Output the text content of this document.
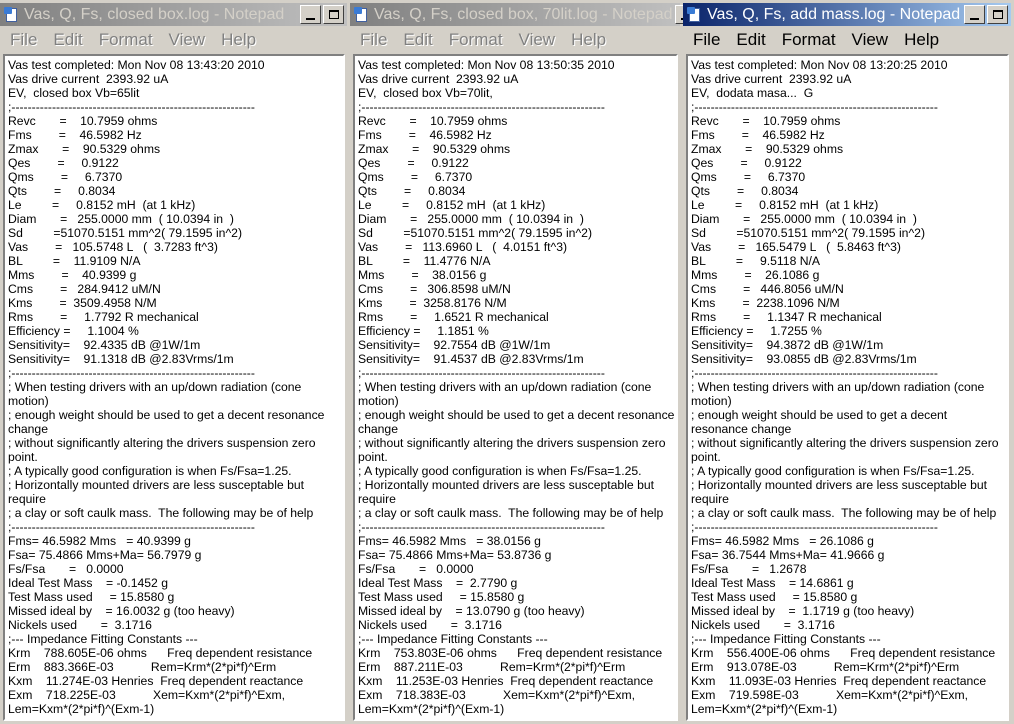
Vas, Q, Fs, closed box.log - Notepad
File Edit Format View Help
Vas test completed: Mon Nov 08 13:43:20 2010
Vas drive current  2393.92 uA
EV,  closed box Vb=65lit
;------------------------------------------------------------
Revc       =    10.7959 ohms
Fms        =    46.5982 Hz
Zmax       =    90.5329 ohms
Qes        =     0.9122
Qms        =     6.7370
Qts        =     0.8034
Le         =     0.8152 mH  (at 1 kHz)
Diam       =   255.0000 mm  ( 10.0394 in  )
Sd         =51070.5151 mm^2( 79.1595 in^2)
Vas        =   105.5748 L   (  3.7283 ft^3)
BL         =    11.9109 N/A
Mms        =    40.9399 g
Cms        =   284.9412 uM/N
Kms        =  3509.4958 N/M
Rms        =     1.7792 R mechanical
Efficiency =     1.1004 %
Sensitivity=    92.4335 dB @1W/1m
Sensitivity=    91.1318 dB @2.83Vrms/1m
;------------------------------------------------------------
; When testing drivers with an up/down radiation (cone motion)
; enough weight should be used to get a decent resonance change
; without significantly altering the drivers suspension zero point.
; A typically good configuration is when Fs/Fsa=1.25.
; Horizontally mounted drivers are less susceptable but require
; a clay or soft caulk mass.  The following may be of help
;------------------------------------------------------------
Fms= 46.5982 Mms   = 40.9399 g
Fsa= 75.4866 Mms+Ma= 56.7979 g
Fs/Fsa       =   0.0000
Ideal Test Mass    = -0.1452 g
Test Mass used     = 15.8580 g
Missed ideal by    = 16.0032 g (too heavy)
Nickels used       =  3.1716
;--- Impedance Fitting Constants ---
Krm    788.605E-06 ohms      Freq dependent resistance
Erm    883.366E-03           Rem=Krm*(2*pi*f)^Erm
Kxm    11.274E-03 Henries  Freq dependent reactance
Exm    718.225E-03           Xem=Kxm*(2*pi*f)^Exm, Lem=Kxm*(2*pi*f)^(Exm-1)
Vas, Q, Fs, closed box, 70lit.log - Notepad
File Edit Format View Help
Vas test completed: Mon Nov 08 13:50:35 2010
Vas drive current  2393.92 uA
EV,  closed box Vb=70lit,
;------------------------------------------------------------
Revc       =    10.7959 ohms
Fms        =    46.5982 Hz
Zmax       =    90.5329 ohms
Qes        =     0.9122
Qms        =     6.7370
Qts        =     0.8034
Le         =     0.8152 mH  (at 1 kHz)
Diam       =   255.0000 mm  ( 10.0394 in  )
Sd         =51070.5151 mm^2( 79.1595 in^2)
Vas        =   113.6960 L   (  4.0151 ft^3)
BL         =    11.4776 N/A
Mms        =    38.0156 g
Cms        =   306.8598 uM/N
Kms        =  3258.8176 N/M
Rms        =     1.6521 R mechanical
Efficiency =     1.1851 %
Sensitivity=    92.7554 dB @1W/1m
Sensitivity=    91.4537 dB @2.83Vrms/1m
;------------------------------------------------------------
; When testing drivers with an up/down radiation (cone motion)
; enough weight should be used to get a decent resonance change
; without significantly altering the drivers suspension zero point.
; A typically good configuration is when Fs/Fsa=1.25.
; Horizontally mounted drivers are less susceptable but require
; a clay or soft caulk mass.  The following may be of help
;------------------------------------------------------------
Fms= 46.5982 Mms   = 38.0156 g
Fsa= 75.4866 Mms+Ma= 53.8736 g
Fs/Fsa       =   0.0000
Ideal Test Mass    =  2.7790 g
Test Mass used     = 15.8580 g
Missed ideal by    = 13.0790 g (too heavy)
Nickels used       =  3.1716
;--- Impedance Fitting Constants ---
Krm    753.803E-06 ohms      Freq dependent resistance
Erm    887.211E-03           Rem=Krm*(2*pi*f)^Erm
Kxm    11.253E-03 Henries  Freq dependent reactance
Exm    718.383E-03           Xem=Kxm*(2*pi*f)^Exm, Lem=Kxm*(2*pi*f)^(Exm-1)
Vas, Q, Fs, add mass.log - Notepad
File Edit Format View Help
Vas test completed: Mon Nov 08 13:20:25 2010
Vas drive current  2393.92 uA
EV,  dodata masa...  G
;------------------------------------------------------------
Revc       =    10.7959 ohms
Fms        =    46.5982 Hz
Zmax       =    90.5329 ohms
Qes        =     0.9122
Qms        =     6.7370
Qts        =     0.8034
Le         =     0.8152 mH  (at 1 kHz)
Diam       =   255.0000 mm  ( 10.0394 in  )
Sd         =51070.5151 mm^2( 79.1595 in^2)
Vas        =   165.5479 L   (  5.8463 ft^3)
BL         =     9.5118 N/A
Mms        =    26.1086 g
Cms        =   446.8056 uM/N
Kms        =  2238.1096 N/M
Rms        =     1.1347 R mechanical
Efficiency =     1.7255 %
Sensitivity=    94.3872 dB @1W/1m
Sensitivity=    93.0855 dB @2.83Vrms/1m
;------------------------------------------------------------
; When testing drivers with an up/down radiation (cone motion)
; enough weight should be used to get a decent resonance change
; without significantly altering the drivers suspension zero point.
; A typically good configuration is when Fs/Fsa=1.25.
; Horizontally mounted drivers are less susceptable but require
; a clay or soft caulk mass.  The following may be of help
;------------------------------------------------------------
Fms= 46.5982 Mms   = 26.1086 g
Fsa= 36.7544 Mms+Ma= 41.9666 g
Fs/Fsa       =   1.2678
Ideal Test Mass    = 14.6861 g
Test Mass used     = 15.8580 g
Missed ideal by    =  1.1719 g (too heavy)
Nickels used       =  3.1716
;--- Impedance Fitting Constants ---
Krm    556.400E-06 ohms      Freq dependent resistance
Erm    913.078E-03           Rem=Krm*(2*pi*f)^Erm
Kxm    11.093E-03 Henries  Freq dependent reactance
Exm    719.598E-03           Xem=Kxm*(2*pi*f)^Exm, Lem=Kxm*(2*pi*f)^(Exm-1)
